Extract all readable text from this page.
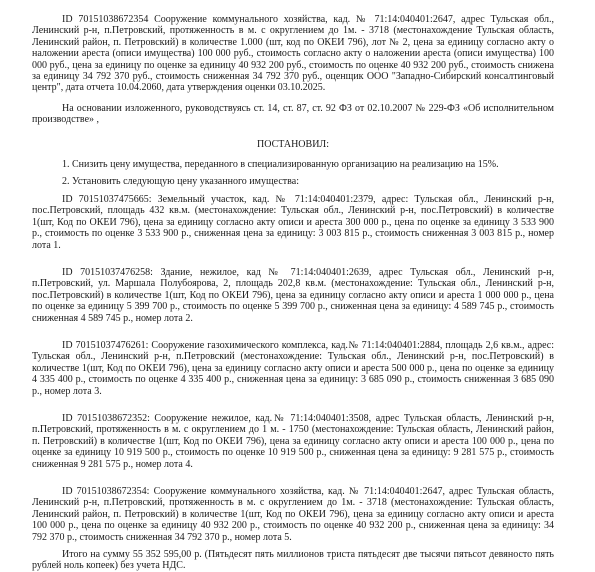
ID 70151038672354 Сооружение коммунального хозяйства, кад. № 71:14:040401:2647, адрес Тульская обл., Ленинский р-н, п.Петровский, протяженность в м. с округлением до 1м. - 3718 (местонахождение Тульская область, Ленинский район, п. Петровский) в количестве 1.000 (шт, код по ОКЕИ 796), лот № 2, цена за единицу согласно акту о наложении ареста (описи имущества) 100 000 руб., стоимость согласно акту о наложении ареста (описи имущества) 100 000 руб., цена за единицу по оценке за единицу 40 932 200 руб., стоимость по оценке 40 932 200 руб., стоимость снижена за единицу 34 792 370 руб., стоимость сниженная 34 792 370 руб., оценщик ООО "Западно-Сибирский консалтинговый центр", дата отчета 10.04.2060, дата утверждения оценки 03.10.2025.

На основании изложенного, руководствуясь ст. 14, ст. 87, ст. 92 ФЗ от 02.10.2007 № 229-ФЗ «Об исполнительном производстве» ,

ПОСТАНОВИЛ:

1. Снизить цену имущества, переданного в специализированную организацию на реализацию на 15%.

2. Установить следующую цену указанного имущества:

ID 70151037475665: Земельный участок, кад. № 71:14:040401:2379, адрес: Тульская обл., Ленинский р-н, пос.Петровский, площадь 432 кв.м. (местонахождение: Тульская обл., Ленинский р-н, пос.Петровский) в количестве 1(шт, Код по ОКЕИ 796), цена за единицу согласно акту описи и ареста 300 000 р., цена по оценке за единицу 3 533 900 р., стоимость по оценке 3 533 900 р., сниженная цена за единицу: 3 003 815 р., стоимость сниженная 3 003 815 р., номер лота 1.

ID 70151037476258: Здание, нежилое, кад № 71:14:040401:2639, адрес Тульская обл., Ленинский р-н, п.Петровский, ул. Маршала Полубоярова, 2, площадь 202,8 кв.м. (местонахождение: Тульская обл., Ленинский р-н, пос.Петровский) в количестве 1(шт, Код по ОКЕИ 796), цена за единицу согласно акту описи и ареста 1 000 000 р., цена по оценке за единицу 5 399 700 р., стоимость по оценке 5 399 700 р., сниженная цена за единицу: 4 589 745 р., стоимость сниженная 4 589 745 р., номер лота 2.

ID 70151037476261: Сооружение газохимического комплекса, кад.№ 71:14:040401:2884, площадь 2,6 кв.м., адрес: Тульская обл., Ленинский р-н, п.Петровский (местонахождение: Тульская обл., Ленинский р-н, пос.Петровский) в количестве 1(шт, Код по ОКЕИ 796), цена за единицу согласно акту описи и ареста 500 000 р., цена по оценке за единицу 4 335 400 р., стоимость по оценке 4 335 400 р., сниженная цена за единицу: 3 685 090 р., стоимость сниженная 3 685 090 р., номер лота 3.

ID 70151038672352: Сооружение нежилое, кад.№ 71:14:040401:3508, адрес Тульская область, Ленинский р-н, п.Петровский, протяженность в м. с округлением до 1 м. - 1750 (местонахождение: Тульская область, Ленинский район, п. Петровский) в количестве 1(шт, Код по ОКЕИ 796), цена за единицу согласно акту описи и ареста 100 000 р., цена по оценке за единицу 10 919 500 р., стоимость по оценке 10 919 500 р., сниженная цена за единицу: 9 281 575 р., стоимость сниженная 9 281 575 р., номер лота 4.

ID 70151038672354: Сооружение коммунального хозяйства, кад. № 71:14:040401:2647, адрес Тульская область, Ленинский р-н, п.Петровский, протяженность в м. с округлением до 1м. - 3718 (местонахождение: Тульская область, Ленинский район, п. Петровский) в количестве 1(шт, Код по ОКЕИ 796), цена за единицу согласно акту описи и ареста 100 000 р., цена по оценке за единицу 40 932 200 р., стоимость по оценке 40 932 200 р., сниженная цена за единицу: 34 792 370 р., стоимость сниженная 34 792 370 р., номер лота 5.

Итого на сумму 55 352 595,00 р. (Пятьдесят пять миллионов триста пятьдесят две тысячи пятьсот девяносто пять рублей ноль копеек) без учета НДС.
